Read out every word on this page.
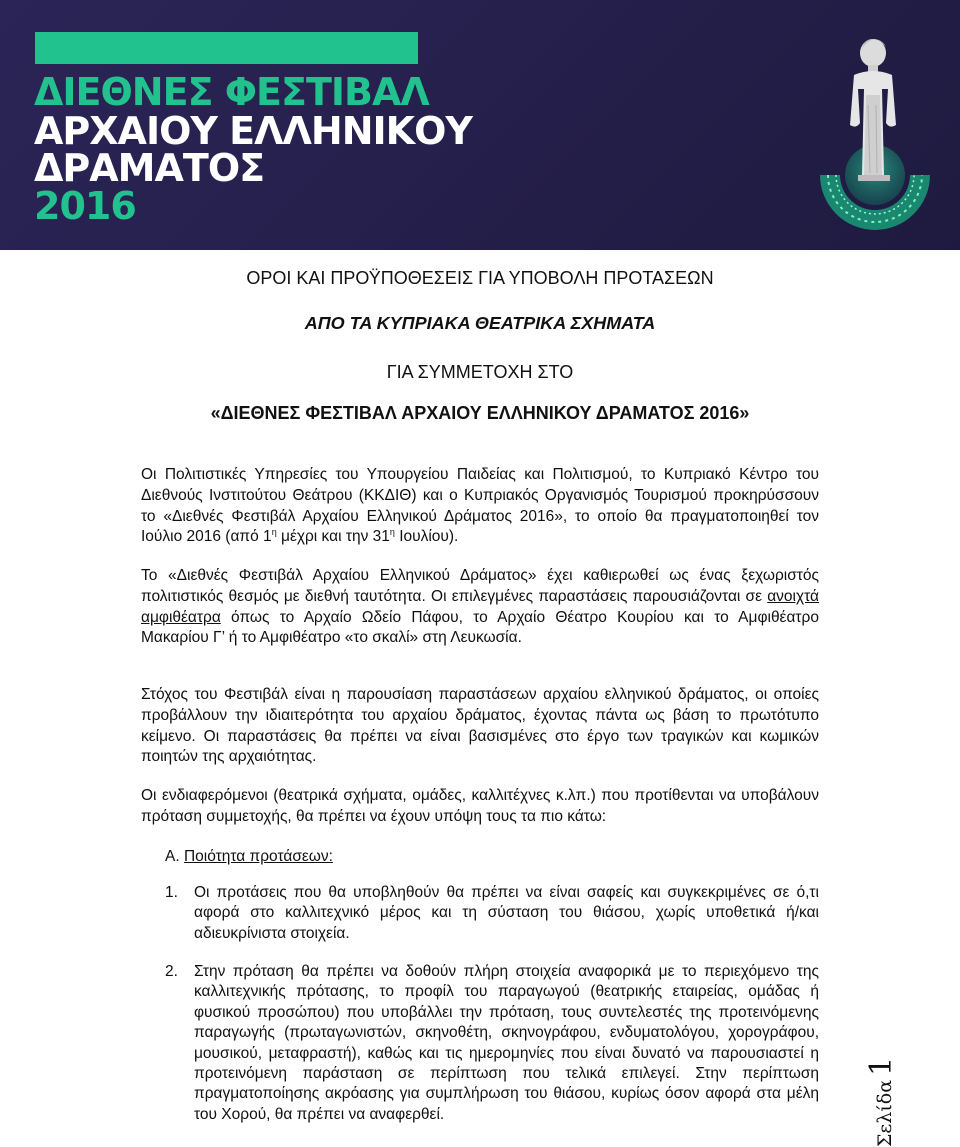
ΔΙΕΘΝΕΣ ΦΕΣΤΙΒΑΛ
ΑΡΧΑΙΟΥ ΕΛΛΗΝΙΚΟΥ
ΔΡΑΜΑΤΟΣ
2016
ΟΡΟΙ ΚΑΙ ΠΡΟΫΠΟΘΕΣΕΙΣ ΓΙΑ ΥΠΟΒΟΛΗ ΠΡΟΤΑΣΕΩΝ
ΑΠΟ ΤΑ ΚΥΠΡΙΑΚΑ ΘΕΑΤΡΙΚΑ ΣΧΗΜΑΤΑ
ΓΙΑ ΣΥΜΜΕΤΟΧΗ ΣΤΟ
«ΔΙΕΘΝΕΣ ΦΕΣΤΙΒΑΛ ΑΡΧΑΙΟΥ ΕΛΛΗΝΙΚΟΥ ΔΡΑΜΑΤΟΣ 2016»
Οι Πολιτιστικές Υπηρεσίες του Υπουργείου Παιδείας και Πολιτισμού, το Κυπριακό Κέντρο του Διεθνούς Ινστιτούτου Θεάτρου (ΚΚΔΙΘ) και ο Κυπριακός Οργανισμός Τουρισμού προκηρύσσουν το «Διεθνές Φεστιβάλ Αρχαίου Ελληνικού Δράματος 2016», το οποίο θα πραγματοποιηθεί τον Ιούλιο 2016 (από $1^\eta$ μέχρι και την $31^\eta$ Ιουλίου).
Το «Διεθνές Φεστιβάλ Αρχαίου Ελληνικού Δράματος» έχει καθιερωθεί ως ένας ξεχωριστός πολιτιστικός θεσμός με διεθνή ταυτότητα. Οι επιλεγμένες παραστάσεις παρουσιάζονται σε ανοιχτά αμφιθέατρα όπως το Αρχαίο Ωδείο Πάφου, το Αρχαίο Θέατρο Κουρίου και το Αμφιθέατρο Μακαρίου Γ’ ή το Αμφιθέατρο «το σκαλί» στη Λευκωσία.
Στόχος του Φεστιβάλ είναι η παρουσίαση παραστάσεων αρχαίου ελληνικού δράματος, οι οποίες προβάλλουν την ιδιαιτερότητα του αρχαίου δράματος, έχοντας πάντα ως βάση το πρωτότυπο κείμενο. Οι παραστάσεις θα πρέπει να είναι βασισμένες στο έργο των τραγικών και κωμικών ποιητών της αρχαιότητας.
Οι ενδιαφερόμενοι (θεατρικά σχήματα, ομάδες, καλλιτέχνες κ.λπ.) που προτίθενται να υποβάλουν πρόταση συμμετοχής, θα πρέπει να έχουν υπόψη τους τα πιο κάτω:
Α. Ποιότητα προτάσεων:
1. Οι προτάσεις που θα υποβληθούν θα πρέπει να είναι σαφείς και συγκεκριμένες σε ό,τι αφορά στο καλλιτεχνικό μέρος και τη σύσταση του θιάσου, χωρίς υποθετικά ή/και αδιευκρίνιστα στοιχεία.
2. Στην πρόταση θα πρέπει να δοθούν πλήρη στοιχεία αναφορικά με το περιεχόμενο της καλλιτεχνικής πρότασης, το προφίλ του παραγωγού (θεατρικής εταιρείας, ομάδας ή φυσικού προσώπου) που υποβάλλει την πρόταση, τους συντελεστές της προτεινόμενης παραγωγής (πρωταγωνιστών, σκηνοθέτη, σκηνογράφου, ενδυματολόγου, χορογράφου, μουσικού, μεταφραστή), καθώς και τις ημερομηνίες που είναι δυνατό να παρουσιαστεί η προτεινόμενη παράσταση σε περίπτωση που τελικά επιλεγεί. Στην περίπτωση πραγματοποίησης ακρόασης για συμπλήρωση του θιάσου, κυρίως όσον αφορά στα μέλη του Χορού, θα πρέπει να αναφερθεί.	Σελίδα1
